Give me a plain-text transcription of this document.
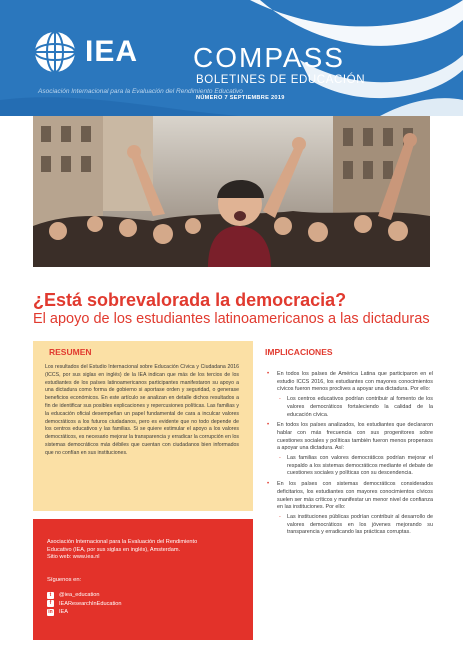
IEA
Asociación Internacional para la Evaluación del Rendimiento Educativo
COMPASS
BOLETINES DE EDUCACIÓN
NÚMERO 7 SEPTIEMBRE 2019
¿Está sobrevalorada la democracia?
El apoyo de los estudiantes latinoamericanos a las dictaduras
RESUMEN
Los resultados del Estudio Internacional sobre Educación Cívica y Ciudadana 2016 (ICCS, por sus siglas en inglés) de la IEA indican que más de los tercios de los estudiantes de los países latinoamericanos participantes manifestaron su apoyo a una dictadura como forma de gobierno si aportase orden y seguridad, o generase beneficios económicos. En este artículo se analizan en detalle dichos resultados a fin de identificar sus posibles explicaciones y repercusiones políticas. Las familias y la educación oficial desempeñan un papel fundamental de cara a inculcar valores democráticos a los futuros ciudadanos, pero es evidente que no todo depende de los centros educativos y las familias. Si se quiere estimular el apoyo a los valores democráticos, es necesario mejorar la transparencia y erradicar la corrupción en los sistemas democráticos más débiles que cuentan con ciudadanos bien informados que no confían en sus instituciones.
Asociación Internacional para la Evaluación del Rendimiento
Educativo (IEA, por sus siglas en inglés), Amsterdam.
Sitio web: www.iea.nl
Síguenos en:
t	@iea_education
f	IEAResearchInEducation
in IEA
IMPLICACIONES
• En todos los países de América Latina que participaron en el estudio ICCS 2016, los estudiantes con mayores conocimientos cívicos fueron menos proclives a apoyar una dictadura. Por ello:
- Los centros educativos podrían contribuir al fomento de los valores democráticos fortaleciendo la calidad de la educación cívica.
• En todos los países analizados, los estudiantes que declararon hablar con más frecuencia con sus progenitores sobre cuestiones sociales y políticas también fueron menos propensos a apoyar una dictadura. Así:
- Las familias con valores democráticos podrían mejorar el respaldo a los sistemas democráticos mediante el debate de cuestiones sociales y políticas con su descendencia.
• En los países con sistemas democráticos considerados deficitarios, los estudiantes con mayores conocimientos cívicos suelen ser más críticos y manifestar un menor nivel de confianza en las instituciones. Por ello:
- Las instituciones públicas podrían contribuir al desarrollo de valores democráticos en los jóvenes mejorando su transparencia y erradicando las prácticas corruptas.
